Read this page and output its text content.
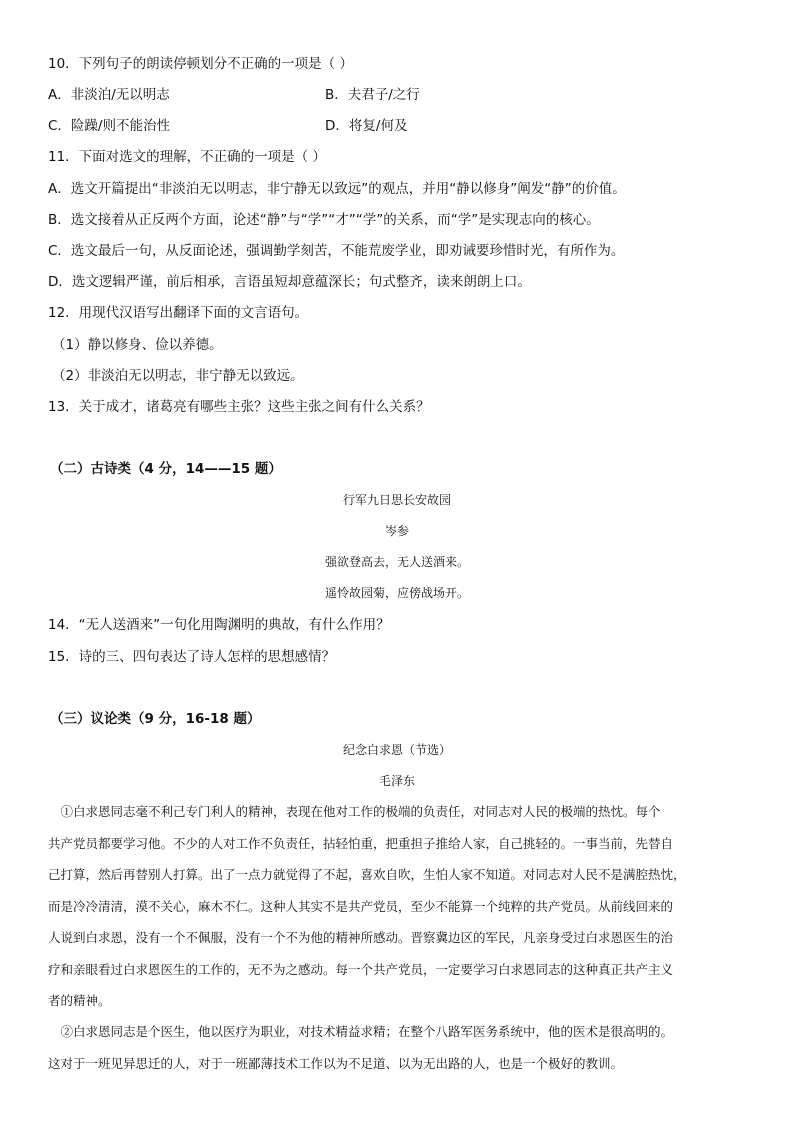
10．下列句子的朗读停顿划分不正确的一项是（ ）
A．非淡泊/无以明志	B．夫君子/之行
C．险躁/则不能治性	D．将复/何及
11．下面对选文的理解，不正确的一项是（ ）
A．选文开篇提出“非淡泊无以明志，非宁静无以致远”的观点，并用“静以修身”阐发“静”的价值。
B．选文接着从正反两个方面，论述“静”与“学”“才”“学”的关系，而“学”是实现志向的核心。
C．选文最后一句，从反面论述，强调勤学刻苦，不能荒废学业，即劝诫要珍惜时光，有所作为。
D．选文逻辑严谨，前后相承，言语虽短却意蕴深长；句式整齐，读来朗朗上口。
12．用现代汉语写出翻译下面的文言语句。
（1）静以修身、俭以养德。
（2）非淡泊无以明志，非宁静无以致远。
13．关于成才，诸葛亮有哪些主张？这些主张之间有什么关系？
（二）古诗类（4 分，14——15 题）
行军九日思长安故园
岑参
强欲登高去，无人送酒来。
遥怜故园菊，应傍战场开。
14．“无人送酒来”一句化用陶渊明的典故，有什么作用？
15．诗的三、四句表达了诗人怎样的思想感情？
（三）议论类（9 分，16-18 题）
纪念白求恩（节选）
毛泽东
①白求恩同志毫不利己专门利人的精神，表现在他对工作的极端的负责任，对同志对人民的极端的热忱。每个
共产党员都要学习他。不少的人对工作不负责任，拈轻怕重，把重担子推给人家，自己挑轻的。一事当前，先替自
己打算，然后再替别人打算。出了一点力就觉得了不起，喜欢自吹，生怕人家不知道。对同志对人民不是满腔热忱，
而是冷冷清清，漠不关心，麻木不仁。这种人其实不是共产党员，至少不能算一个纯粹的共产党员。从前线回来的
人说到白求恩，没有一个不佩服，没有一个不为他的精神所感动。晋察冀边区的军民，凡亲身受过白求恩医生的治
疗和亲眼看过白求恩医生的工作的，无不为之感动。每一个共产党员，一定要学习白求恩同志的这种真正共产主义
者的精神。
②白求恩同志是个医生，他以医疗为职业，对技术精益求精；在整个八路军医务系统中，他的医术是很高明的。
这对于一班见异思迁的人，对于一班鄙薄技术工作以为不足道、以为无出路的人，也是一个极好的教训。
